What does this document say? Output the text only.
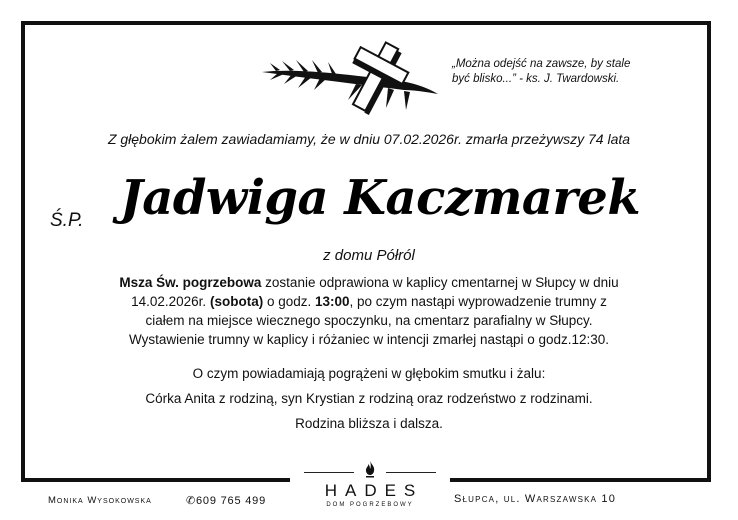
„Można odejść na zawsze, by stale
być blisko...” - ks. J. Twardowski.
Z głębokim żalem zawiadamiamy, że w dniu 07.02.2026r. zmarła przeżywszy 74 lata
Ś.P. Jadwiga Kaczmarek
z domu Półról
Msza Św. pogrzebowa zostanie odprawiona w kaplicy cmentarnej w Słupcy w dniu
14.02.2026r. (sobota) o godz. 13:00, po czym nastąpi wyprowadzenie trumny z
ciałem na miejsce wiecznego spoczynku, na cmentarz parafialny w Słupcy.
Wystawienie trumny w kaplicy i różaniec w intencji zmarłej nastąpi o godz.12:30.
O czym powiadamiają pogrążeni w głębokim smutku i żalu:
Córka Anita z rodziną, syn Krystian z rodziną oraz rodzeństwo z rodzinami.
Rodzina bliższa i dalsza.
Monika Wysokowska	✆609 765 499	Słupca, ul. Warszawska 10
HADES
DOM POGRZEBOWY
